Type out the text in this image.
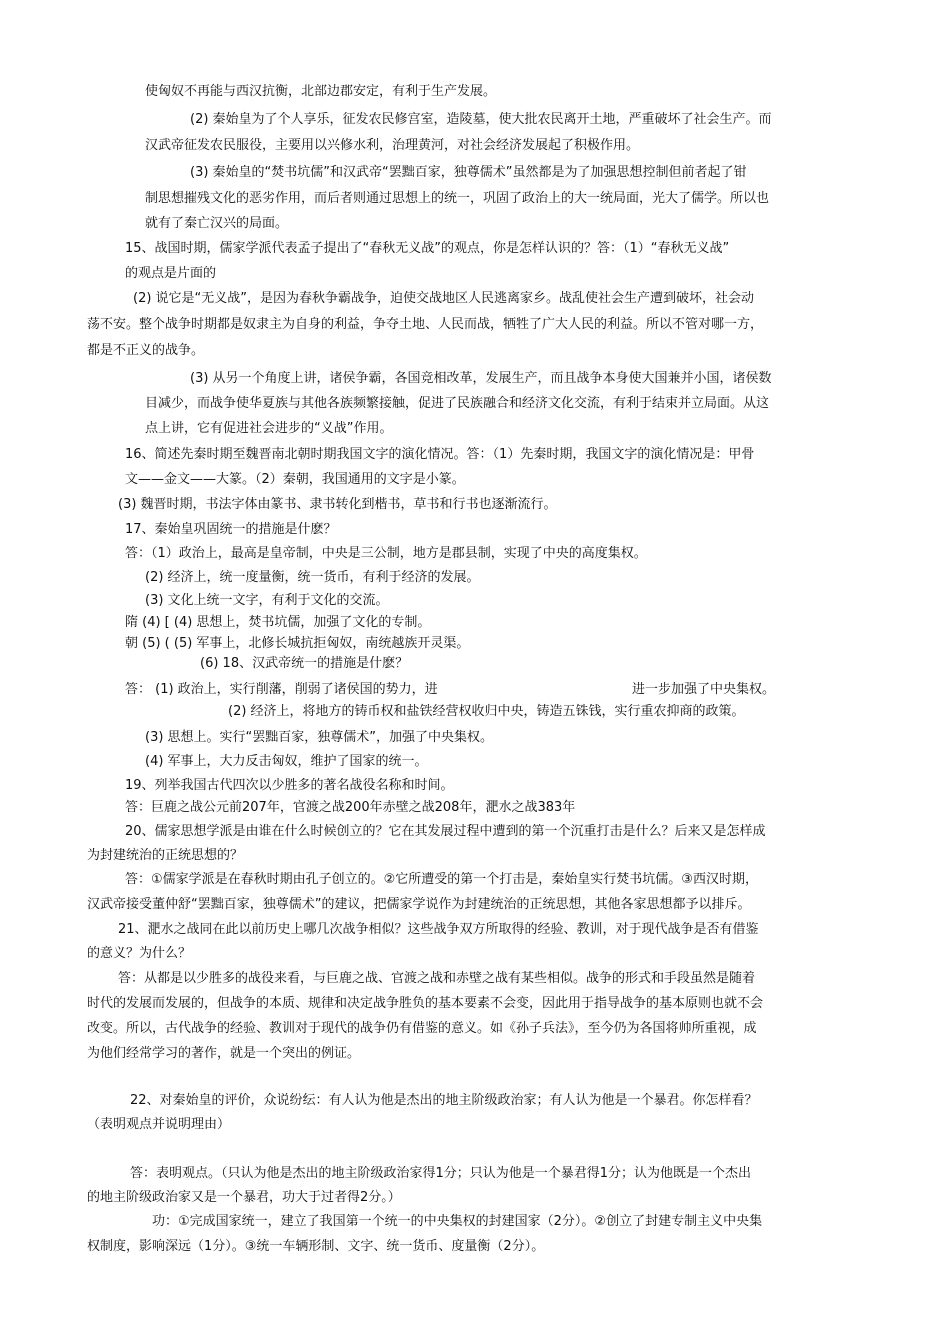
使匈奴不再能与西汉抗衡，北部边郡安定，有利于生产发展。
(2) 秦始皇为了个人享乐，征发农民修宫室，造陵墓，使大批农民离开土地，严重破坏了社会生产。而
汉武帝征发农民服役，主要用以兴修水利，治理黄河，对社会经济发展起了积极作用。
(3) 秦始皇的“焚书坑儒”和汉武帝“罢黜百家，独尊儒术”虽然都是为了加强思想控制但前者起了钳
制思想摧残文化的恶劣作用，而后者则通过思想上的统一，巩固了政治上的大一统局面，光大了儒学。所以也
就有了秦亡汉兴的局面。
15、战国时期，儒家学派代表孟子提出了“春秋无义战”的观点，你是怎样认识的？答：（1）“春秋无义战”
的观点是片面的
(2) 说它是“无义战”，是因为春秋争霸战争，迫使交战地区人民逃离家乡。战乱使社会生产遭到破坏，社会动
荡不安。整个战争时期都是奴隶主为自身的利益，争夺土地、人民而战，牺牲了广大人民的利益。所以不管对哪一方，
都是不正义的战争。
(3) 从另一个角度上讲，诸侯争霸，各国竞相改革，发展生产，而且战争本身使大国兼并小国，诸侯数
目减少，而战争使华夏族与其他各族频繁接触，促进了民族融合和经济文化交流，有利于结束并立局面。从这
点上讲，它有促进社会进步的“义战”作用。
16、简述先秦时期至魏晋南北朝时期我国文字的演化情况。答：（1）先秦时期，我国文字的演化情况是：甲骨
文——金文——大篆。（2）秦朝，我国通用的文字是小篆。
(3) 魏晋时期，书法字体由篆书、隶书转化到楷书，草书和行书也逐渐流行。
17、秦始皇巩固统一的措施是什麽？
答：（1）政治上，最高是皇帝制，中央是三公制，地方是郡县制，实现了中央的高度集权。
(2) 经济上，统一度量衡，统一货币，有利于经济的发展。
(3) 文化上统一文字，有利于文化的交流。
隋 (4) [ (4) 思想上，焚书坑儒，加强了文化的专制。
朝 (5) ( (5) 军事上，北修长城抗拒匈奴，南统越族开灵渠。
(6) 18、汉武帝统一的措施是什麽？
答： (1) 政治上，实行削藩，削弱了诸侯国的势力，进	进一步加强了中央集权。
(2) 经济上，将地方的铸币权和盐铁经营权收归中央，铸造五铢钱，实行重农抑商的政策。
(3) 思想上。实行“罢黜百家，独尊儒术”，加强了中央集权。
(4) 军事上，大力反击匈奴，维护了国家的统一。
19、列举我国古代四次以少胜多的著名战役名称和时间。
答：巨鹿之战公元前207年，官渡之战200年赤壁之战208年，淝水之战383年
20、儒家思想学派是由谁在什么时候创立的？它在其发展过程中遭到的第一个沉重打击是什么？后来又是怎样成
为封建统治的正统思想的？
答：①儒家学派是在春秋时期由孔子创立的。②它所遭受的第一个打击是，秦始皇实行焚书坑儒。③西汉时期，
汉武帝接受董仲舒“罢黜百家，独尊儒术”的建议，把儒家学说作为封建统治的正统思想，其他各家思想都予以排斥。
21、淝水之战同在此以前历史上哪几次战争相似？这些战争双方所取得的经验、教训，对于现代战争是否有借鉴
的意义？为什么？
答：从都是以少胜多的战役来看，与巨鹿之战、官渡之战和赤壁之战有某些相似。战争的形式和手段虽然是随着
时代的发展而发展的，但战争的本质、规律和决定战争胜负的基本要素不会变，因此用于指导战争的基本原则也就不会
改变。所以，古代战争的经验、教训对于现代的战争仍有借鉴的意义。如《孙子兵法》，至今仍为各国将帅所重视，成
为他们经常学习的著作，就是一个突出的例证。
22、对秦始皇的评价，众说纷纭：有人认为他是杰出的地主阶级政治家；有人认为他是一个暴君。你怎样看？
（表明观点并说明理由）
答：表明观点。（只认为他是杰出的地主阶级政治家得1分；只认为他是一个暴君得1分；认为他既是一个杰出
的地主阶级政治家又是一个暴君，功大于过者得2分。）
功：①完成国家统一，建立了我国第一个统一的中央集权的封建国家（2分）。②创立了封建专制主义中央集
权制度，影响深远（1分）。③统一车辆形制、文字、统一货币、度量衡（2分）。
